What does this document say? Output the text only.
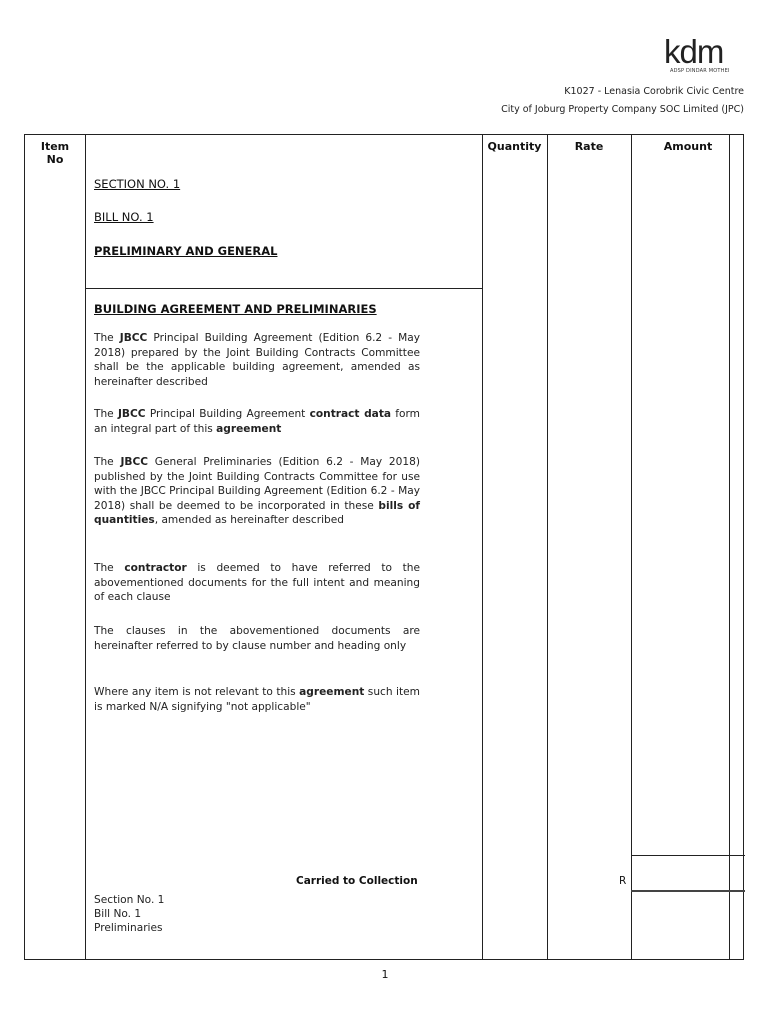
kdm
ADSP DINDAR MOTHEI
K1027 - Lenasia Corobrik Civic Centre
City of Joburg Property Company SOC Limited (JPC)
Item
No
Quantity	Rate	Amount
SECTION NO. 1
BILL NO. 1
PRELIMINARY AND GENERAL
BUILDING AGREEMENT AND PRELIMINARIES
The JBCC Principal Building Agreement (Edition 6.2 - May 2018) prepared by the Joint Building Contracts Committee shall be the applicable building agreement, amended as hereinafter described
The JBCC Principal Building Agreement contract data form an integral part of this agreement
The JBCC General Preliminaries (Edition 6.2 - May 2018) published by the Joint Building Contracts Committee for use with the JBCC Principal Building Agreement (Edition 6.2 - May 2018) shall be deemed to be incorporated in these bills of quantities, amended as hereinafter described
The contractor is deemed to have referred to the abovementioned documents for the full intent and meaning of each clause
The clauses in the abovementioned documents are hereinafter referred to by clause number and heading only
Where any item is not relevant to this agreement such item is marked N/A signifying "not applicable"
Carried to Collection	R
Section No. 1
Bill No. 1
Preliminaries
1
